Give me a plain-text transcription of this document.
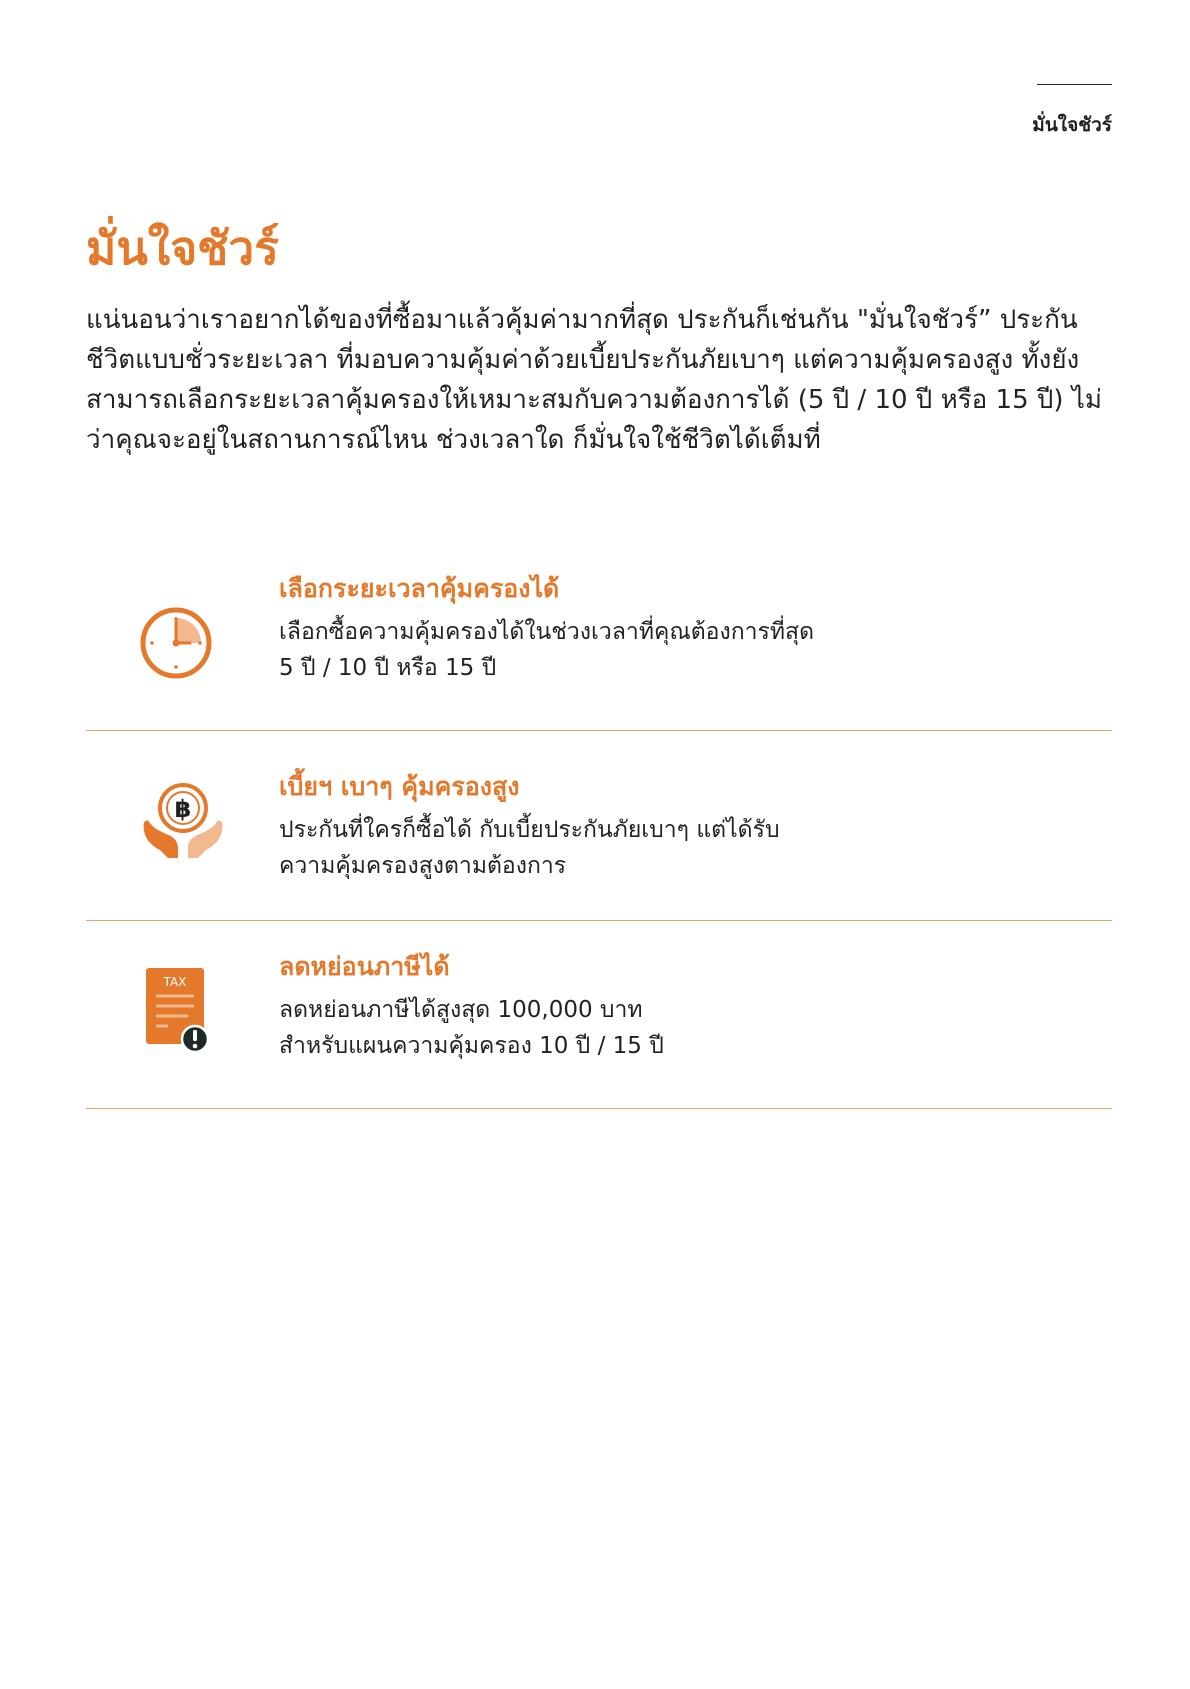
มั่นใจชัวร์
มั่นใจชัวร์

แน่นอนว่าเราอยากได้ของที่ซื้อมาแล้วคุ้มค่ามากที่สุด ประกันก็เช่นกัน "มั่นใจชัวร์” ประกันชีวิตแบบชั่วระยะเวลา ที่มอบความคุ้มค่าด้วยเบี้ยประกันภัยเบาๆ แต่ความคุ้มครองสูง ทั้งยังสามารถเลือกระยะเวลาคุ้มครองให้เหมาะสมกับความต้องการได้ (5 ปี / 10 ปี หรือ 15 ปี) ไม่ว่าคุณจะอยู่ในสถานการณ์ไหน ช่วงเวลาใด ก็มั่นใจใช้ชีวิตได้เต็มที่

เลือกระยะเวลาคุ้มครองได้

เลือกซื้อความคุ้มครองได้ในช่วงเวลาที่คุณต้องการที่สุด
5 ปี / 10 ปี หรือ 15 ปี

฿
เบี้ยฯ เบาๆ คุ้มครองสูง

ประกันที่ใครก็ซื้อได้ กับเบี้ยประกันภัยเบาๆ แต่ได้รับ
ความคุ้มครองสูงตามต้องการ

TAX
ลดหย่อนภาษีได้

ลดหย่อนภาษีได้สูงสุด 100,000 บาท
สำหรับแผนความคุ้มครอง 10 ปี / 15 ปี
